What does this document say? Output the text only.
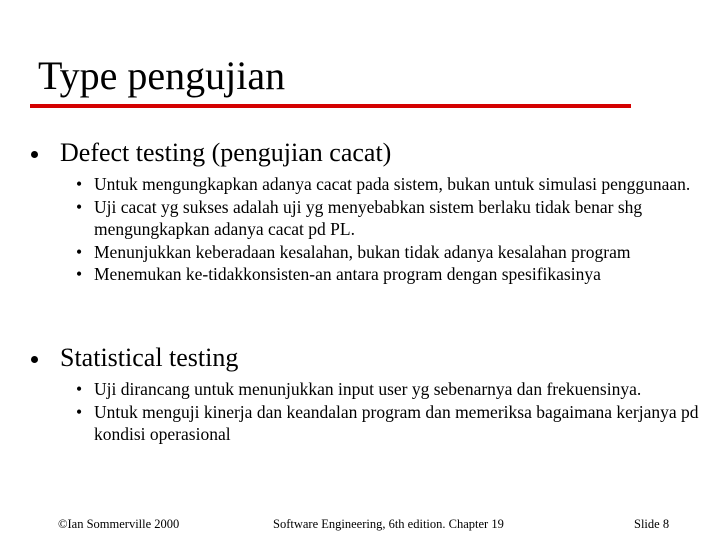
Type pengujian
Defect testing (pengujian cacat)
• Untuk mengungkapkan adanya cacat pada sistem, bukan untuk simulasi penggunaan.
• Uji cacat yg sukses adalah uji yg menyebabkan sistem berlaku tidak benar shg mengungkapkan adanya cacat pd PL.
• Menunjukkan keberadaan kesalahan, bukan tidak adanya kesalahan program
• Menemukan ke-tidakkonsisten-an antara program dengan spesifikasinya
Statistical testing
• Uji dirancang untuk menunjukkan input user yg sebenarnya dan frekuensinya.
• Untuk menguji kinerja dan keandalan program dan memeriksa bagaimana kerjanya pd kondisi operasional
©Ian Sommerville 2000	Software Engineering, 6th edition. Chapter 19	Slide 8
